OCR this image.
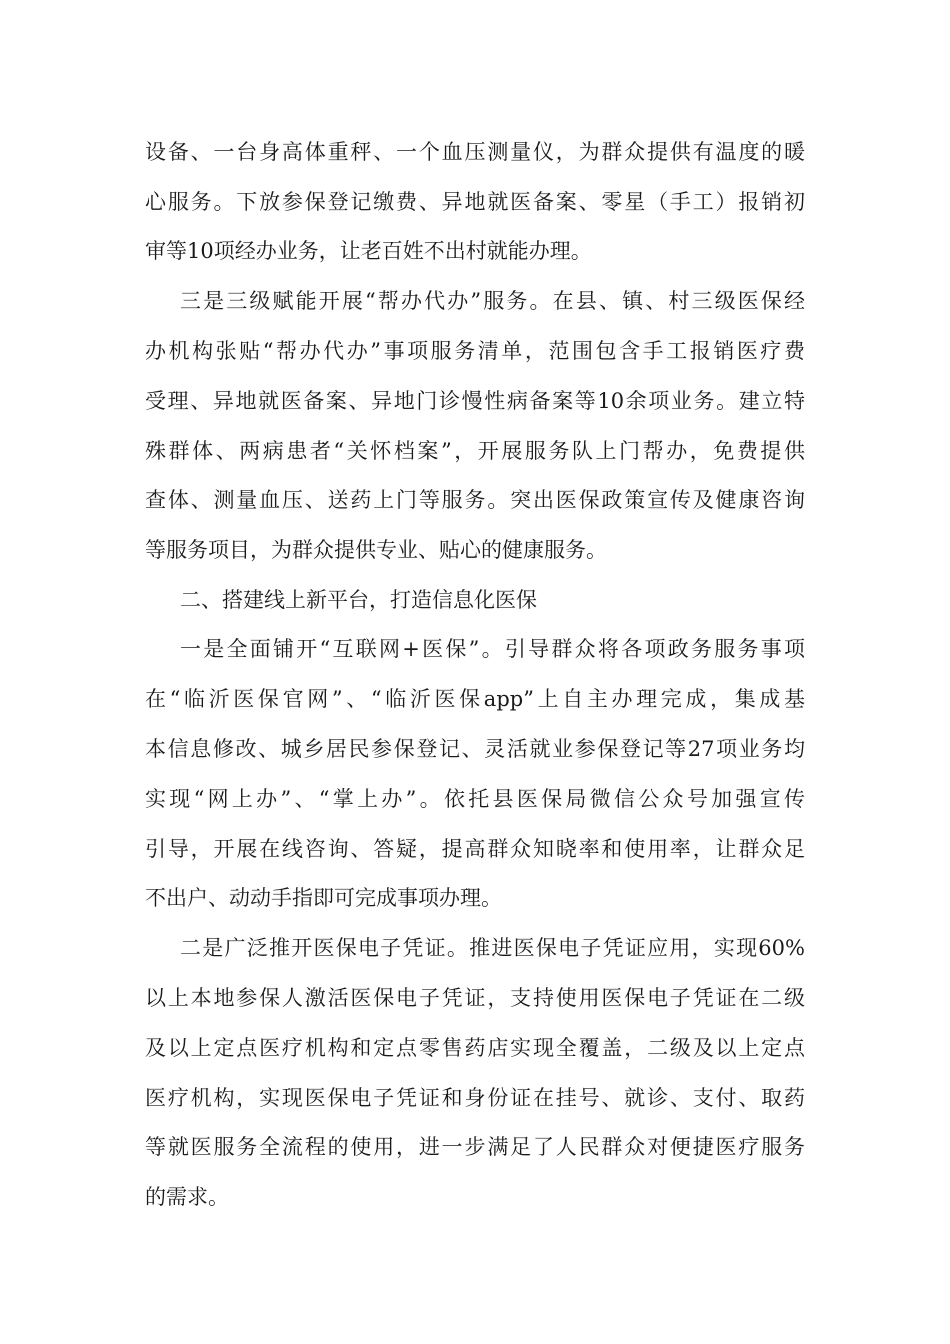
设备、一台身高体重秤、一个血压测量仪，为群众提供有温度的暖
心服务。下放参保登记缴费、异地就医备案、零星（手工）报销初
审等10项经办业务，让老百姓不出村就能办理。
三是三级赋能开展“帮办代办”服务。在县、镇、村三级医保经
办机构张贴“帮办代办”事项服务清单，范围包含手工报销医疗费
受理、异地就医备案、异地门诊慢性病备案等10余项业务。建立特
殊群体、两病患者“关怀档案”，开展服务队上门帮办，免费提供
查体、测量血压、送药上门等服务。突出医保政策宣传及健康咨询
等服务项目，为群众提供专业、贴心的健康服务。
二、搭建线上新平台，打造信息化医保
一是全面铺开“互联网+医保”。引导群众将各项政务服务事项
在“临沂医保官网”、“临沂医保app”上自主办理完成，集成基
本信息修改、城乡居民参保登记、灵活就业参保登记等27项业务均
实现“网上办”、“掌上办”。依托县医保局微信公众号加强宣传
引导，开展在线咨询、答疑，提高群众知晓率和使用率，让群众足
不出户、动动手指即可完成事项办理。
二是广泛推开医保电子凭证。推进医保电子凭证应用，实现60%
以上本地参保人激活医保电子凭证，支持使用医保电子凭证在二级
及以上定点医疗机构和定点零售药店实现全覆盖，二级及以上定点
医疗机构，实现医保电子凭证和身份证在挂号、就诊、支付、取药
等就医服务全流程的使用，进一步满足了人民群众对便捷医疗服务
的需求。
